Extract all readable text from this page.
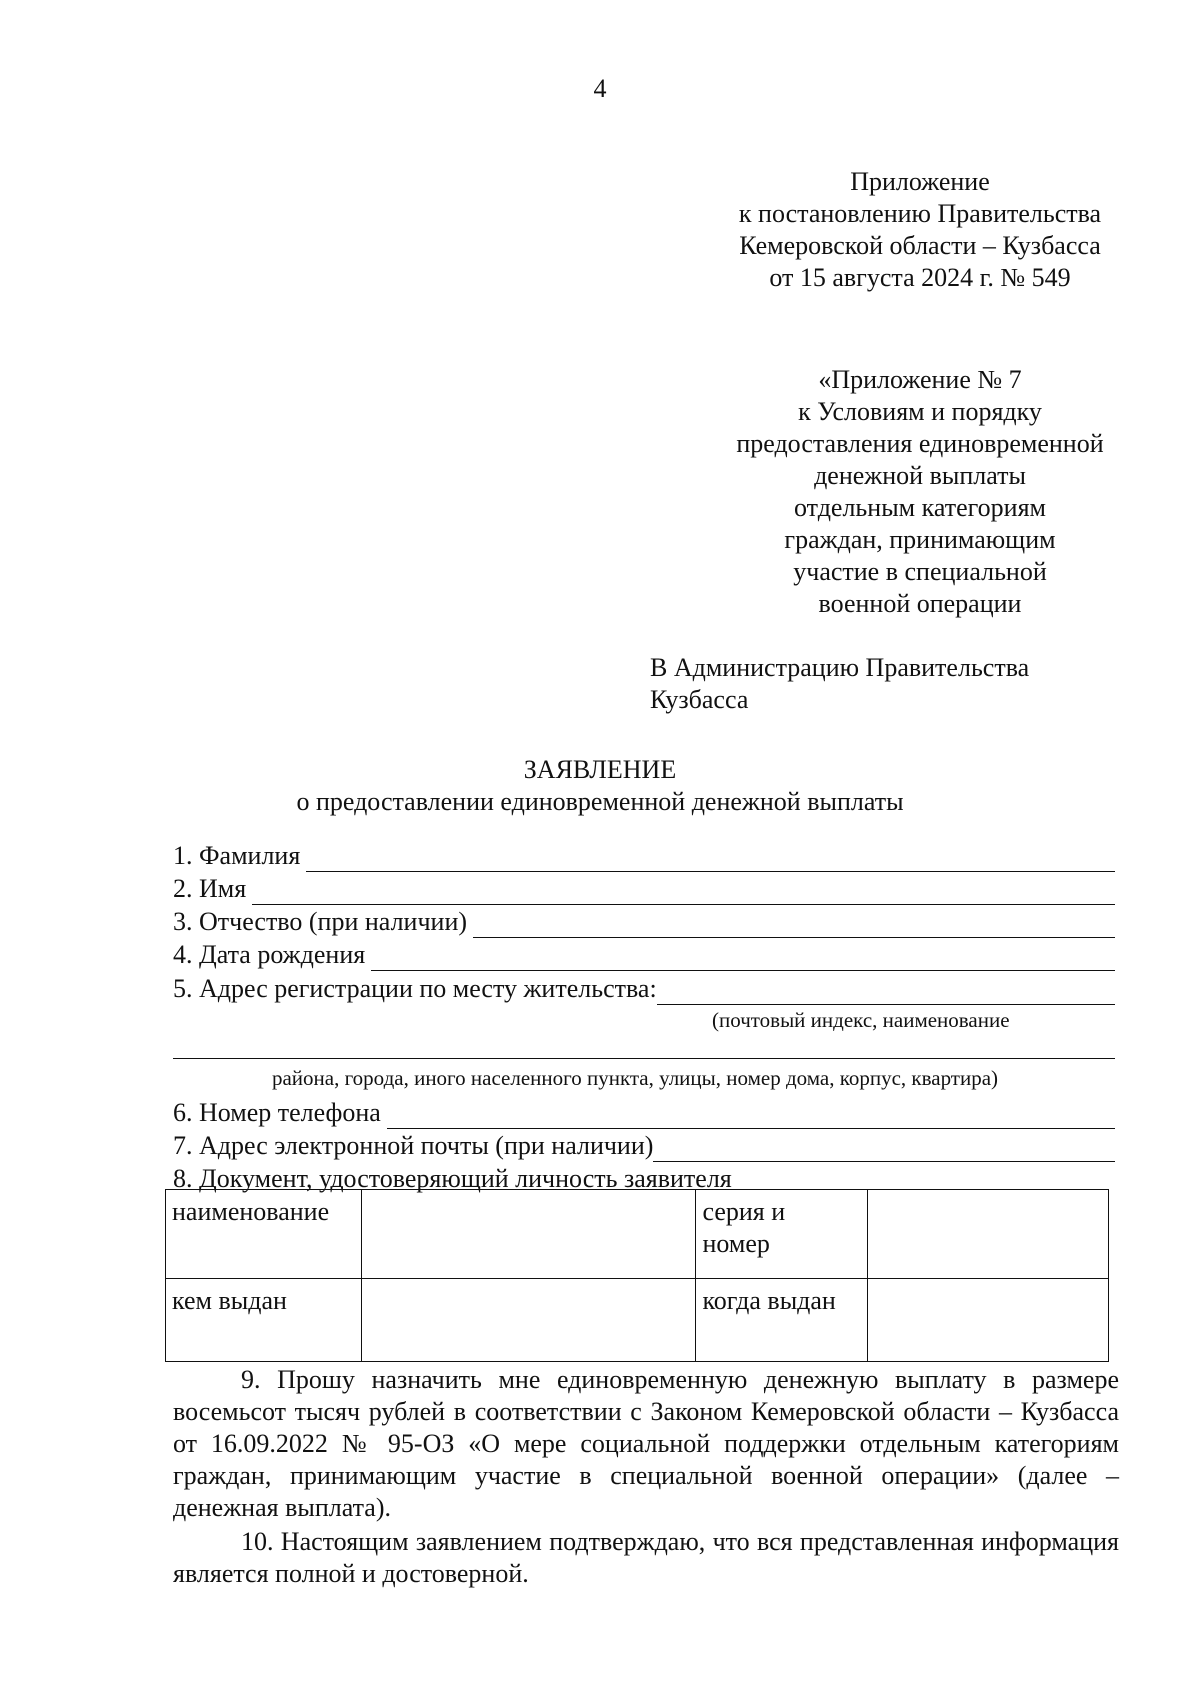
4
Приложение
к постановлению Правительства
Кемеровской области – Кузбасса
от 15 августа 2024 г. № 549
«Приложение № 7
к Условиям и порядку
предоставления единовременной
денежной выплаты
отдельным категориям
граждан, принимающим
участие в специальной
военной операции
В Администрацию Правительства
Кузбасса
ЗАЯВЛЕНИЕ
о предоставлении единовременной денежной выплаты
1. Фамилия
2. Имя
3. Отчество (при наличии)
4. Дата рождения
5. Адрес регистрации по месту жительства:
(почтовый индекс, наименование
района, города, иного населенного пункта, улицы, номер дома, корпус, квартира)
6. Номер телефона
7. Адрес электронной почты (при наличии)
8. Документ, удостоверяющий личность заявителя
наименование		серия и
номер	

кем выдан		когда выдан	

9. Прошу назначить мне единовременную денежную выплату в размере восемьсот тысяч рублей в соответствии с Законом Кемеровской области – Кузбасса от 16.09.2022 № 95-ОЗ «О мере социальной поддержки отдельным категориям граждан, принимающим участие в специальной военной операции» (далее – денежная выплата).

10. Настоящим заявлением подтверждаю, что вся представленная информация является полной и достоверной.
